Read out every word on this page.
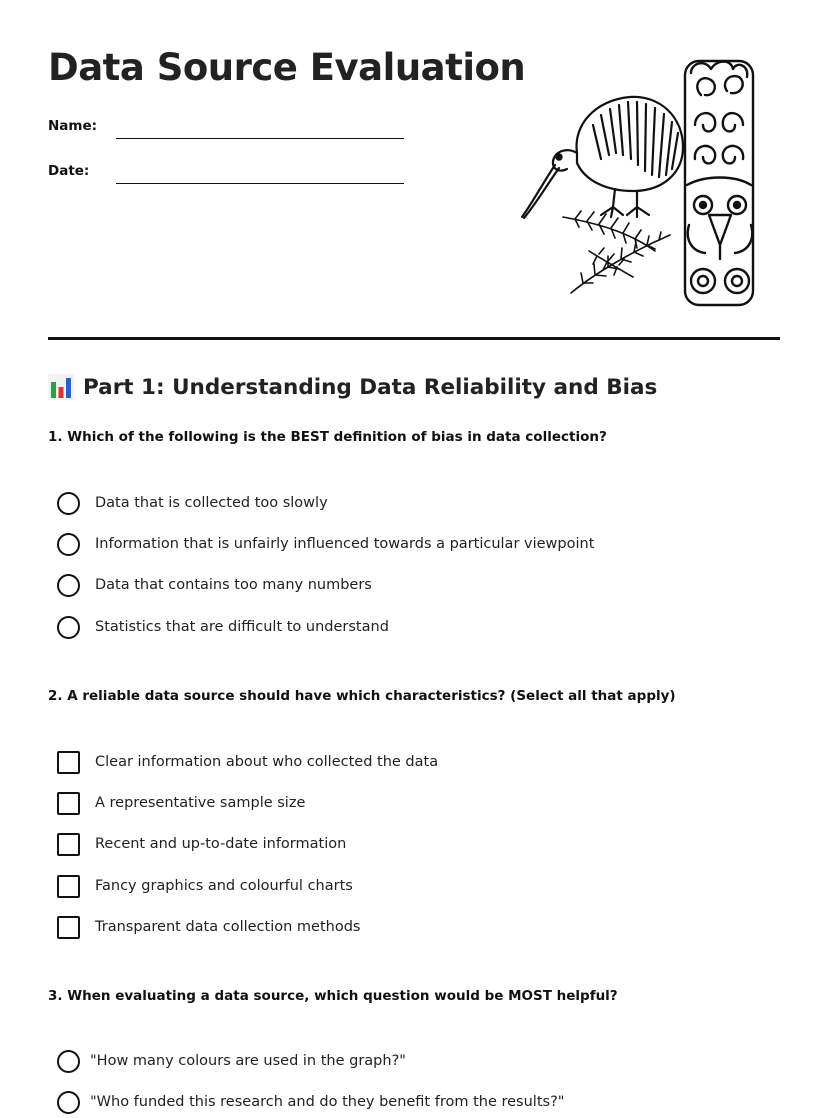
Data Source Evaluation
Name:
Date:
Part 1: Understanding Data Reliability and Bias
1. Which of the following is the BEST definition of bias in data collection?
Data that is collected too slowly
Information that is unfairly influenced towards a particular viewpoint
Data that contains too many numbers
Statistics that are difficult to understand
2. A reliable data source should have which characteristics? (Select all that apply)
Clear information about who collected the data
A representative sample size
Recent and up-to-date information
Fancy graphics and colourful charts
Transparent data collection methods
3. When evaluating a data source, which question would be MOST helpful?
"How many colours are used in the graph?"
"Who funded this research and do they benefit from the results?"
